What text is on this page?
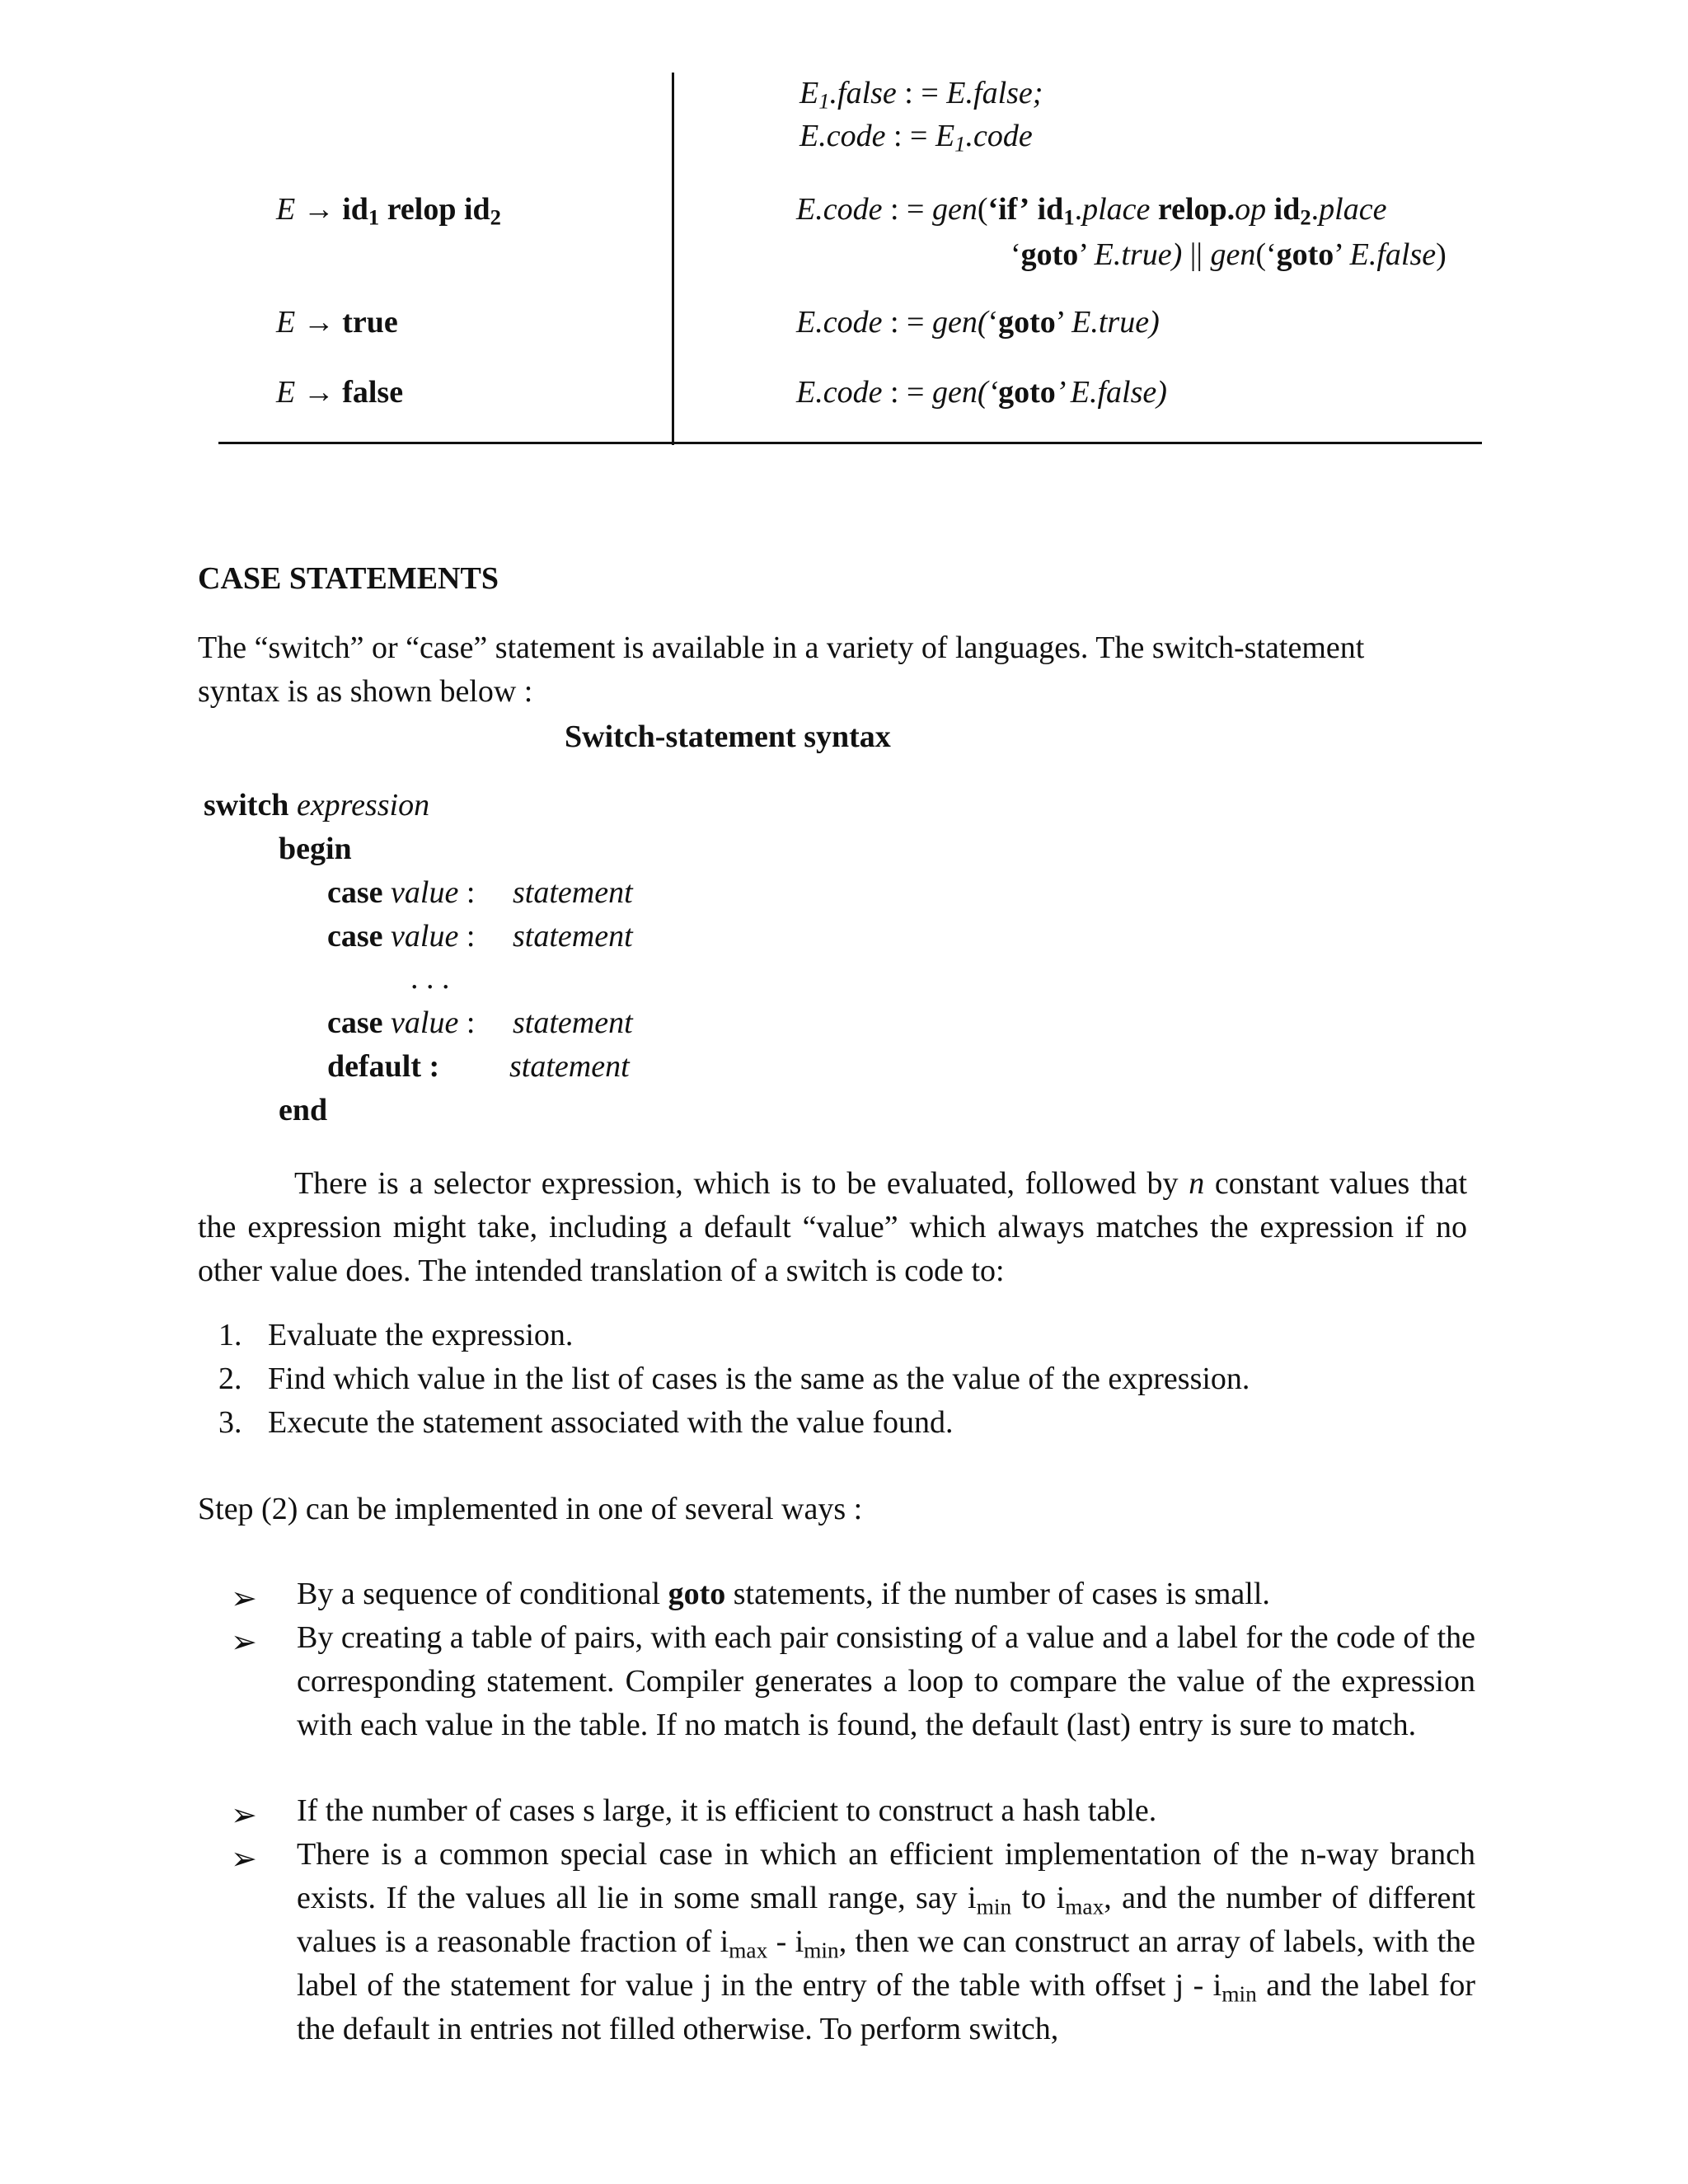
$E_1.false$ : = E.false;
E.code : = $E_1.code$
$E \to id_1$ relop $id_2$	E.code : = gen(‘if’ $id_1.place$ relop.op $id_2.place$
‘goto’ E.true) || gen(‘goto’ E.false)
E → true	E.code : = gen(‘goto’ E.true)
E → false	E.code : = gen(‘goto’ E.false)
CASE STATEMENTS
The “switch” or “case” statement is available in a variety of languages. The switch-statement syntax is as shown below :
Switch-statement syntax
switch expression
begin
case value : statement
case value : statement
. . .
case value : statement
default : statement
end
There is a selector expression, which is to be evaluated, followed by n constant values that the expression might take, including a default “value” which always matches the expression if no other value does. The intended translation of a switch is code to:
1. Evaluate the expression.
2. Find which value in the list of cases is the same as the value of the expression.
3. Execute the statement associated with the value found.
Step (2) can be implemented in one of several ways :
➢ By a sequence of conditional goto statements, if the number of cases is small.
➢ By creating a table of pairs, with each pair consisting of a value and a label for the code of the corresponding statement. Compiler generates a loop to compare the value of the expression with each value in the table. If no match is found, the default (last) entry is sure to match.
➢ If the number of cases s large, it is efficient to construct a hash table.
➢ There is a common special case in which an efficient implementation of the n-way branch exists. If the values all lie in some small range, say $i_{min}$ to $i_{max}$, and the number of different values is a reasonable fraction of $i_{max} - i_{min}$, then we can construct an array of labels, with the label of the statement for value j in the entry of the table with offset j - $i_{min}$ and the label for the default in entries not filled otherwise. To perform switch,
